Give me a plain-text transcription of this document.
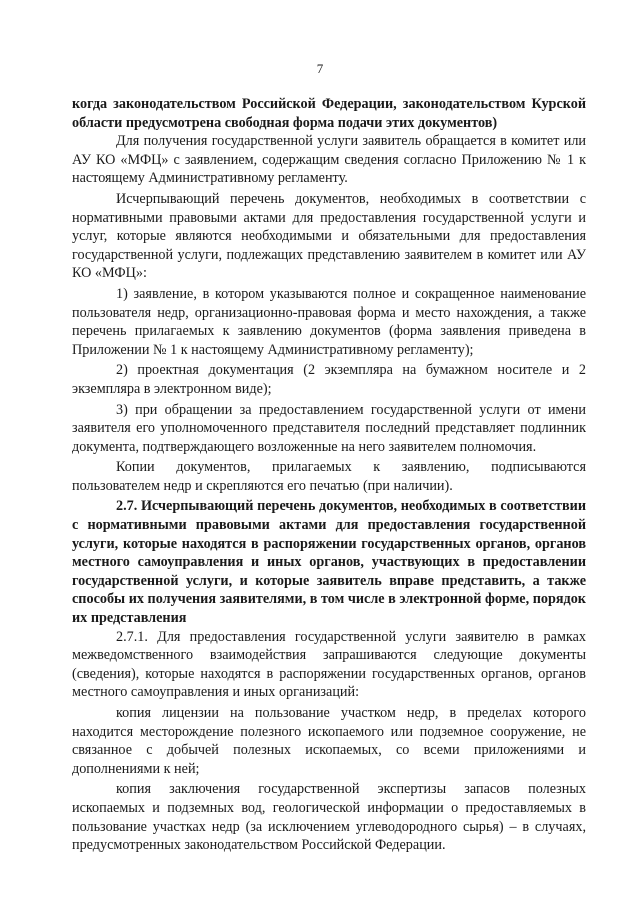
7

когда законодательством Российской Федерации, законодательством Курской области предусмотрена свободная форма подачи этих документов)

Для получения государственной услуги заявитель обращается в комитет или АУ КО «МФЦ» с заявлением, содержащим сведения согласно Приложению № 1 к настоящему Административному регламенту.

Исчерпывающий перечень документов, необходимых в соответствии с нормативными правовыми актами для предоставления государственной услуги и услуг, которые являются необходимыми и обязательными для предоставления государственной услуги, подлежащих представлению заявителем в комитет или АУ КО «МФЦ»:

1) заявление, в котором указываются полное и сокращенное наименование пользователя недр, организационно-правовая форма и место нахождения, а также перечень прилагаемых к заявлению документов (форма заявления приведена в Приложении № 1 к настоящему Административному регламенту);

2) проектная документация (2 экземпляра на бумажном носителе и 2 экземпляра в электронном виде);

3) при обращении за предоставлением государственной услуги от имени заявителя его уполномоченного представителя последний представляет подлинник документа, подтверждающего возложенные на него заявителем полномочия.

Копии документов, прилагаемых к заявлению, подписываются пользователем недр и скрепляются его печатью (при наличии).

2.7. Исчерпывающий перечень документов, необходимых в соответствии с нормативными правовыми актами для предоставления государственной услуги, которые находятся в распоряжении государственных органов, органов местного самоуправления и иных органов, участвующих в предоставлении государственной услуги, и которые заявитель вправе представить, а также способы их получения заявителями, в том числе в электронной форме, порядок их представления

2.7.1. Для предоставления государственной услуги заявителю в рамках межведомственного взаимодействия запрашиваются следующие документы (сведения), которые находятся в распоряжении государственных органов, органов местного самоуправления и иных организаций:

копия лицензии на пользование участком недр, в пределах которого находится месторождение полезного ископаемого или подземное сооружение, не связанное с добычей полезных ископаемых, со всеми приложениями и дополнениями к ней;

копия заключения государственной экспертизы запасов полезных ископаемых и подземных вод, геологической информации о предоставляемых в пользование участках недр (за исключением углеводородного сырья) – в случаях, предусмотренных законодательством Российской Федерации.
